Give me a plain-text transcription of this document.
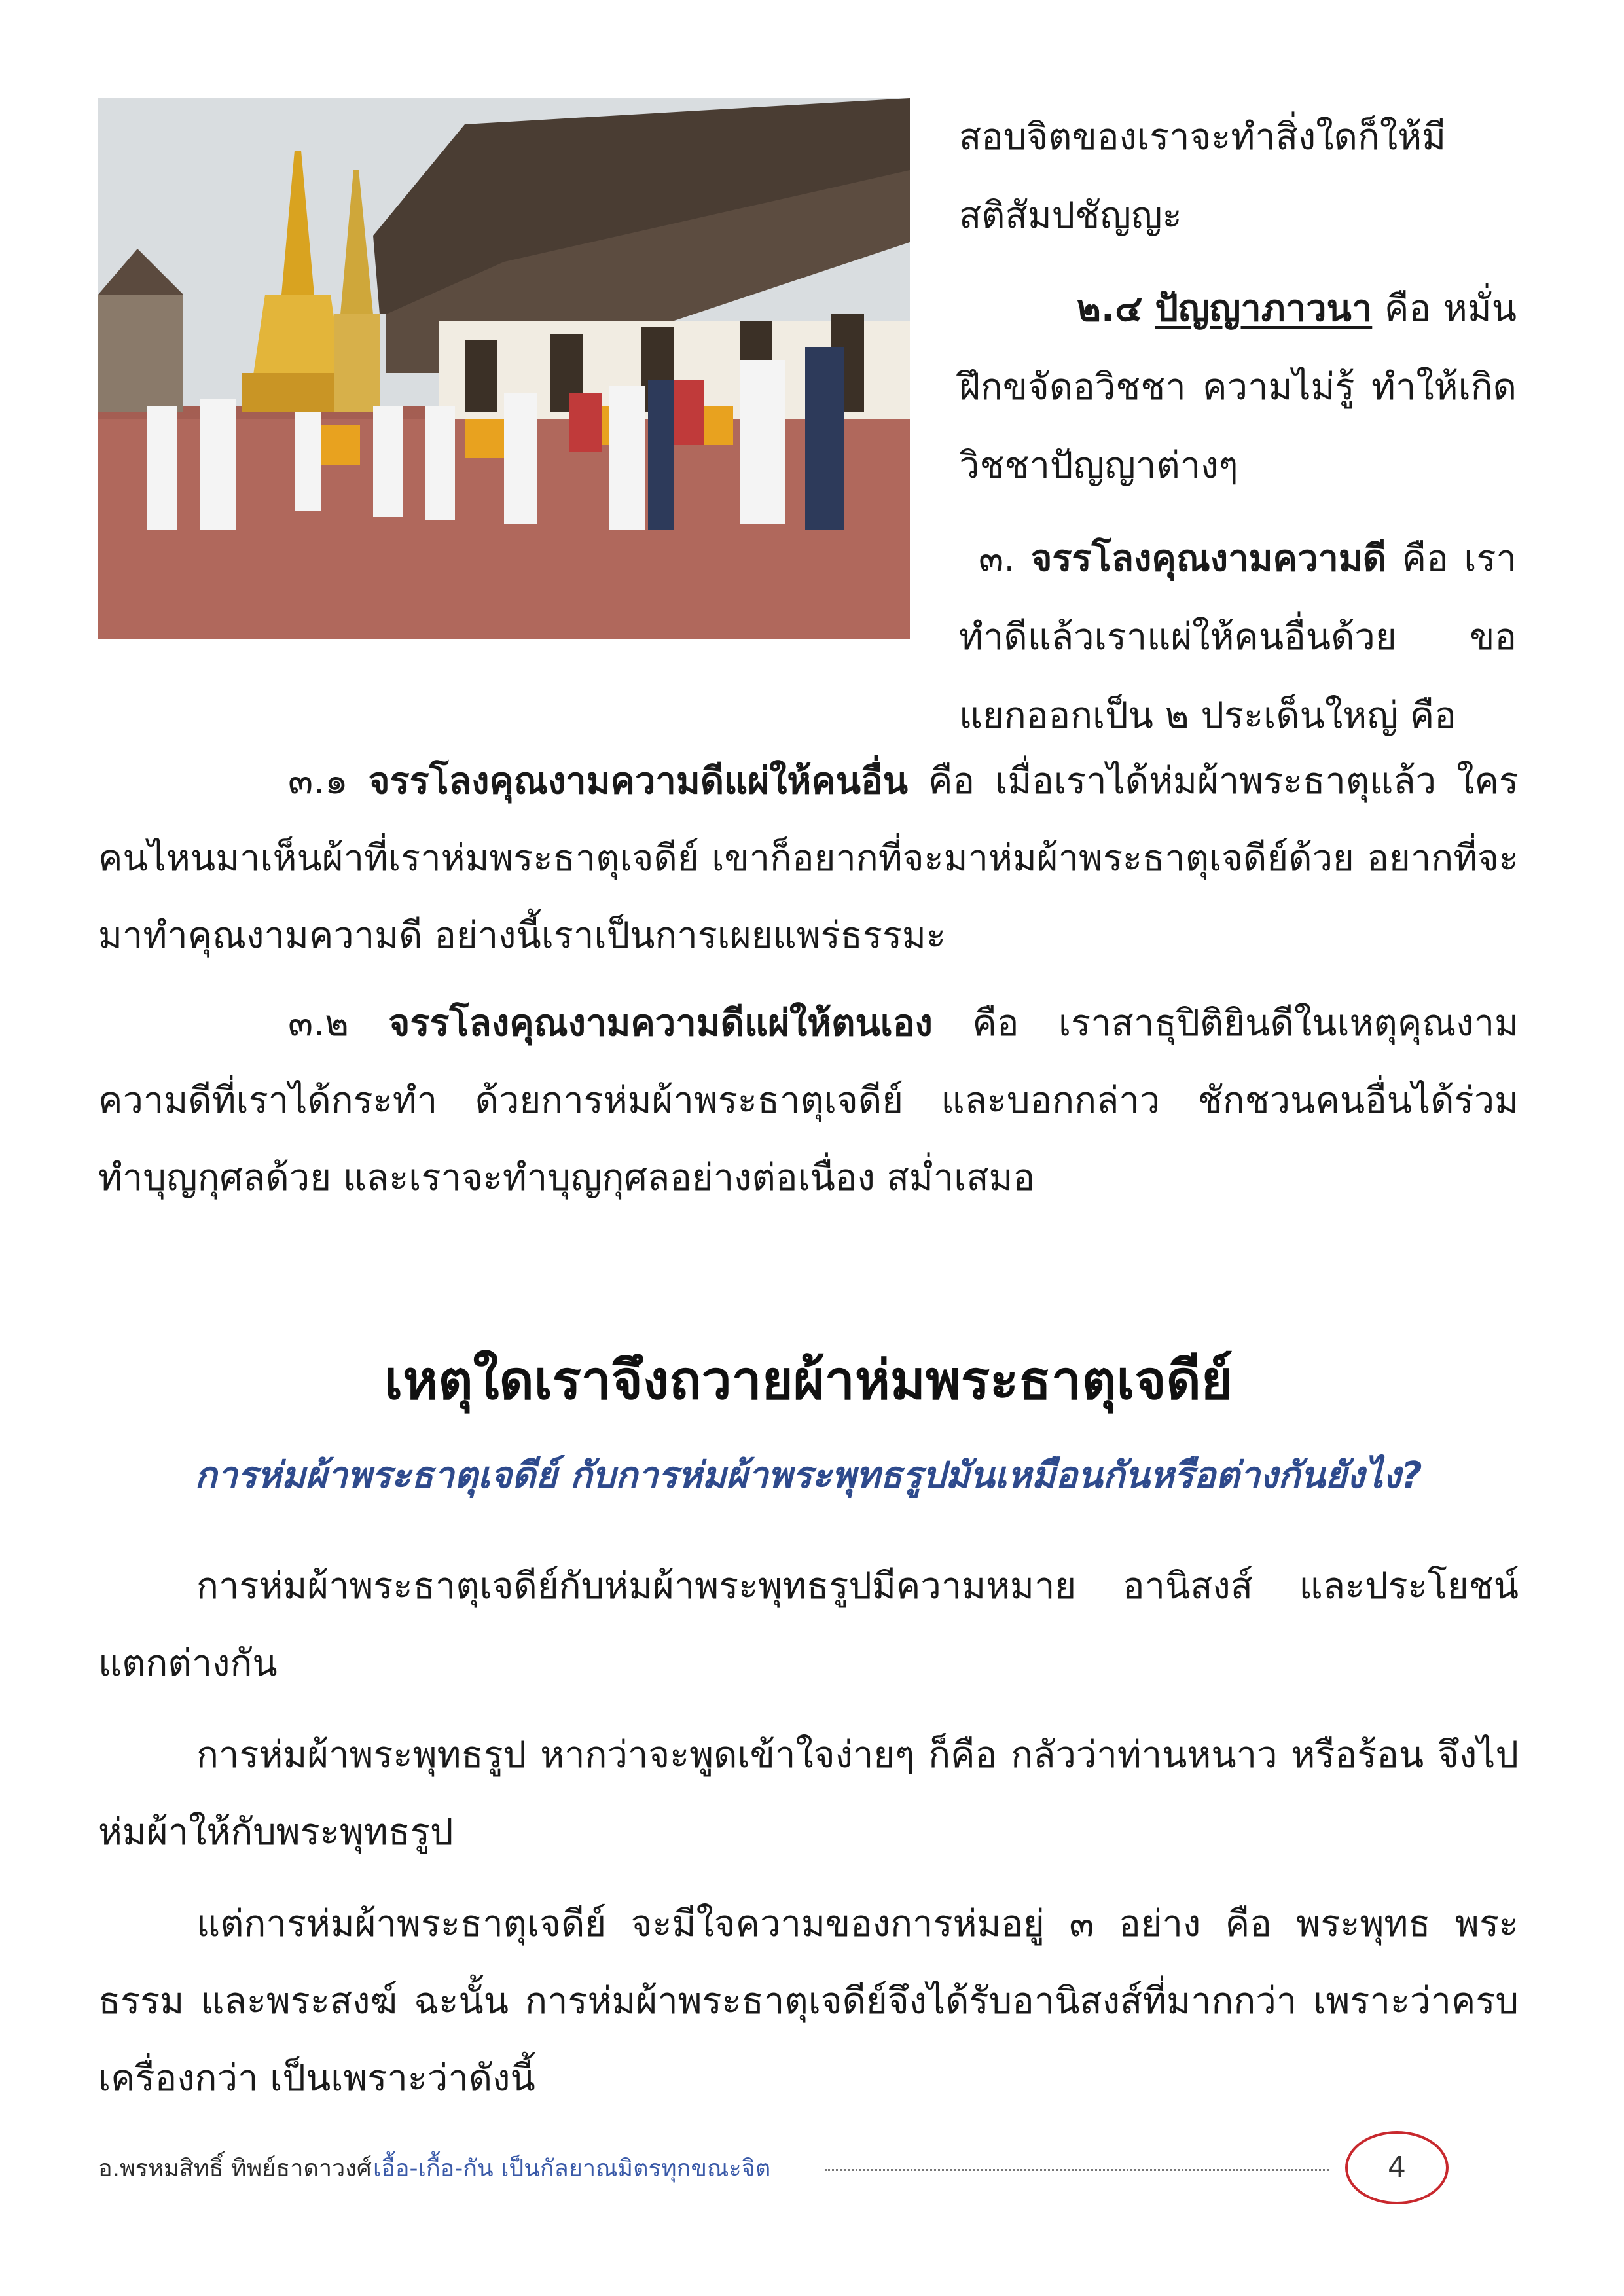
สอบจิตของเราจะทำสิ่งใดก็ให้มีสติสัมปชัญญะ

๒.๔ ปัญญาภาวนา คือ หมั่นฝึกขจัดอวิชชา ความไม่รู้ ทำให้เกิดวิชชาปัญญาต่างๆ

๓. จรรโลงคุณงามความดี คือ เราทำดีแล้วเราแผ่ให้คนอื่นด้วย ขอแยกออกเป็น ๒ ประเด็นใหญ่ คือ

๓.๑ จรรโลงคุณงามความดีแผ่ให้คนอื่น คือ เมื่อเราได้ห่มผ้าพระธาตุแล้ว ใครคนไหนมาเห็นผ้าที่เราห่มพระธาตุเจดีย์ เขาก็อยากที่จะมาห่มผ้าพระธาตุเจดีย์ด้วย อยากที่จะมาทำคุณงามความดี อย่างนี้เราเป็นการเผยแพร่ธรรมะ

๓.๒ จรรโลงคุณงามความดีแผ่ให้ตนเอง คือ เราสาธุปิติยินดีในเหตุคุณงามความดีที่เราได้กระทำ ด้วยการห่มผ้าพระธาตุเจดีย์ และบอกกล่าว ชักชวนคนอื่นได้ร่วมทำบุญกุศลด้วย และเราจะทำบุญกุศลอย่างต่อเนื่อง สม่ำเสมอ

เหตุใดเราจึงถวายผ้าห่มพระธาตุเจดีย์
การห่มผ้าพระธาตุเจดีย์ กับการห่มผ้าพระพุทธรูปมันเหมือนกันหรือต่างกันยังไง?

การห่มผ้าพระธาตุเจดีย์กับห่มผ้าพระพุทธรูปมีความหมาย อานิสงส์ และประโยชน์แตกต่างกัน

การห่มผ้าพระพุทธรูป หากว่าจะพูดเข้าใจง่ายๆ ก็คือ กลัวว่าท่านหนาว หรือร้อน จึงไปห่มผ้าให้กับพระพุทธรูป

แต่การห่มผ้าพระธาตุเจดีย์ จะมีใจความของการห่มอยู่ ๓ อย่าง คือ พระพุทธ พระธรรม และพระสงฆ์ ฉะนั้น การห่มผ้าพระธาตุเจดีย์จึงได้รับอานิสงส์ที่มากกว่า เพราะว่าครบเครื่องกว่า เป็นเพราะว่าดังนี้

อ.พรหมสิทธิ์ ทิพย์ธาดาวงศ์ เอื้อ-เกื้อ-กัน เป็นกัลยาณมิตรทุกขณะจิต	4
